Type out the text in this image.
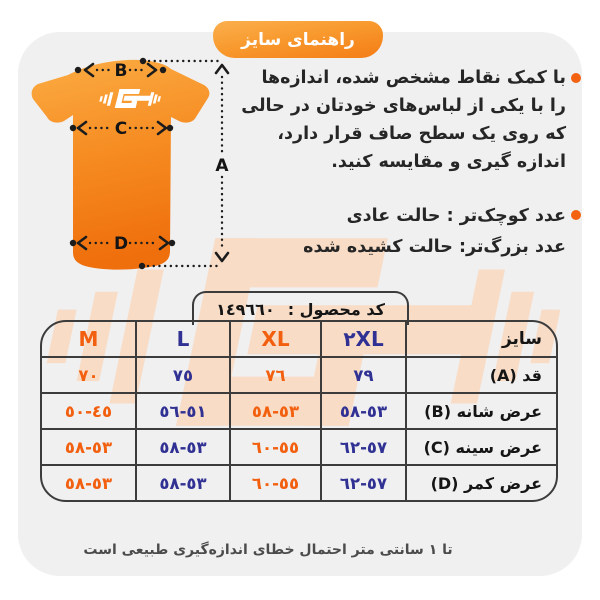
B
C
D
A
با کمک نقاط مشخص شده، اندازه‌ها
را با یکی از لباس‌های خودتان در حالی
که روی یک سطح صاف قرار دارد،
اندازه گیری و مقایسه کنید.
عدد کوچک‌تر : حالت عادی
عدد بزرگ‌تر: حالت کشیده شده
کد محصول :
١٤٩٦٦٠
سایز
٢XL
XL
L
M
قد (A)
٧٩
٧٦
٧٥
٧٠
عرض شانه (B)
٥٣-٥٨
٥٣-٥٨
٥١-٥٦
٤٥-٥٠
عرض سینه (C)
٥٧-٦٢
٥٥-٦٠
٥٣-٥٨
٥٣-٥٨
عرض کمر (D)
٥٧-٦٢
٥٥-٦٠
٥٣-٥٨
٥٣-٥٨
تا ١ سانتی متر احتمال خطای اندازه‌گیری طبیعی است
راهنمای سایز
